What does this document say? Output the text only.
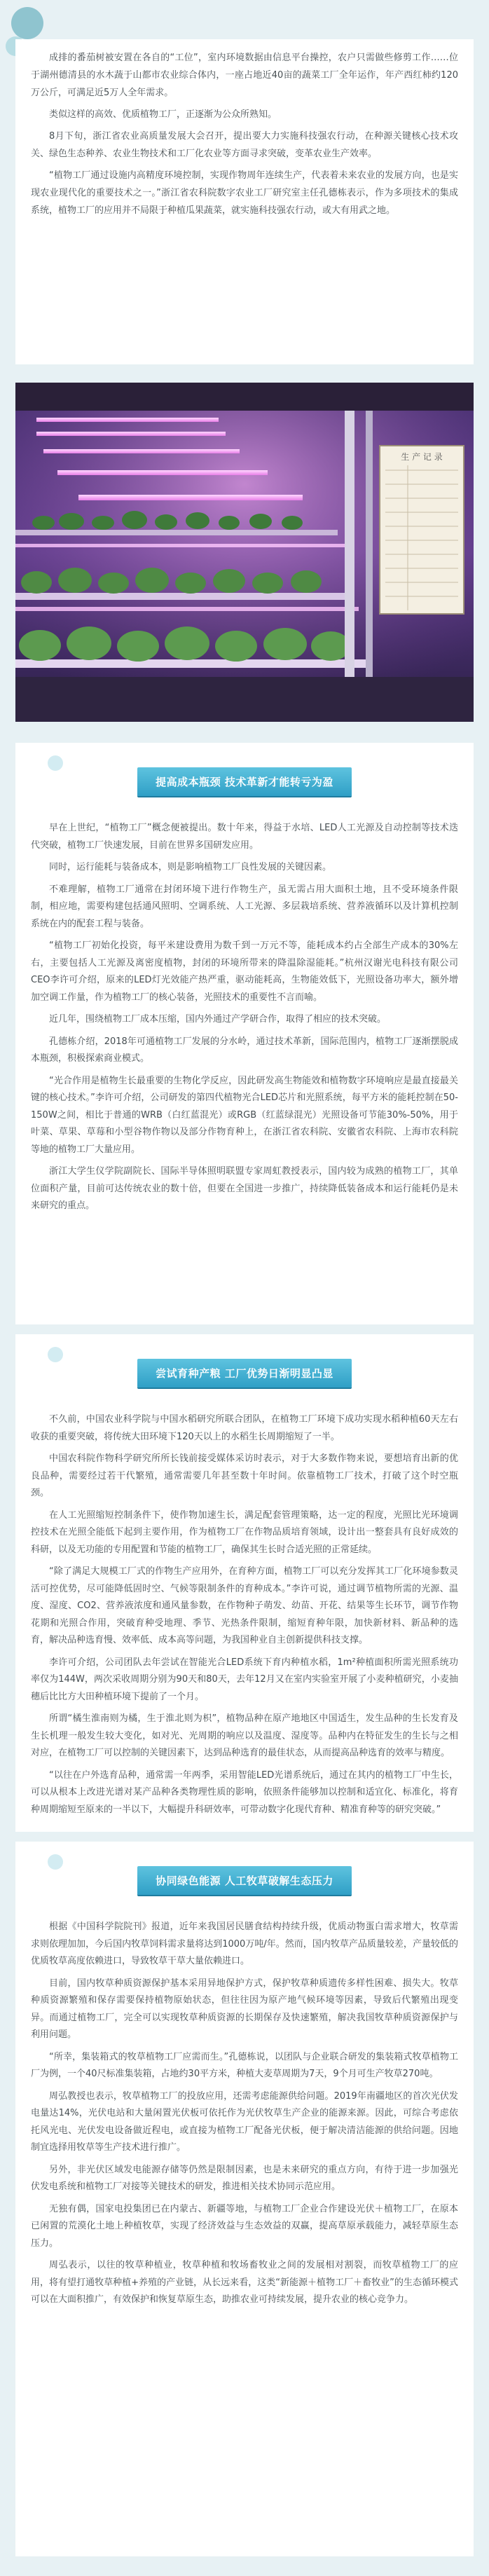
成排的番茄树被安置在各自的“工位”，室内环境数据由信息平台操控，农户只需做些修剪工作……位于湖州德清县的水木蔬于山都市农业综合体内，一座占地近40亩的蔬菜工厂全年运作，年产西红柿约120万公斤，可满足近5万人全年需求。

类似这样的高效、优质植物工厂，正逐渐为公众所熟知。

8月下旬，浙江省农业高质量发展大会召开，提出要大力实施科技强农行动，在种源关键核心技术攻关、绿色生态种养、农业生物技术和工厂化农业等方面寻求突破，变革农业生产效率。

“植物工厂通过设施内高精度环境控制，实现作物周年连续生产，代表着未来农业的发展方向，也是实现农业现代化的重要技术之一。”浙江省农科院数字农业工厂研究室主任孔德栋表示，作为多项技术的集成系统，植物工厂的应用并不局限于种植瓜果蔬菜，就实施科技强农行动，或大有用武之地。

生 产 记 录
提高成本瓶颈 技术革新才能转亏为盈

早在上世纪，“植物工厂”概念便被提出。数十年来，得益于水培、LED人工光源及自动控制等技术迭代突破，植物工厂快速发展，目前在世界多国研发应用。

同时，运行能耗与装备成本，则是影响植物工厂良性发展的关键因素。

不难理解，植物工厂通常在封闭环境下进行作物生产，虽无需占用大面积土地，且不受环境条件限制，相应地，需要构建包括通风照明、空调系统、人工光源、多层栽培系统、营养液循环以及计算机控制系统在内的配套工程与装备。

“植物工厂初始化投资，每平米建设费用为数千到一万元不等，能耗成本约占全部生产成本的30%左右，主要包括人工光源及离密度植物，封闭的环境所带来的降温除湿能耗。”杭州汉谢光电科技有限公司CEO李许可介绍，原来的LED灯光效能产热严重，驱动能耗高，生物能效低下，光照设备功率大，额外增加空调工作量，作为植物工厂的核心装备，光照技术的重要性不言而喻。

近几年，围绕植物工厂成本压缩，国内外通过产学研合作，取得了相应的技术突破。

孔德栋介绍，2018年可通植物工厂发展的分水岭，通过技术革新，国际范围内，植物工厂逐渐摆脱成本瓶颈，积极探索商业模式。

“光合作用是植物生长最重要的生物化学反应，因此研发高生物能效和植物数字环境响应是最直接最关键的核心技术。”李许可介绍，公司研发的第四代植物光合LED芯片和光照系统，每平方米的能耗控制在50-150W之间，相比于普通的WRB（白红蓝混光）或RGB（红蓝绿混光）光照设备可节能30%-50%，用于叶菜、草果、草莓和小型谷物作物以及部分作物育种上，在浙江省农科院、安徽省农科院、上海市农科院等地的植物工厂大量应用。

浙江大学生仪学院副院长、国际半导体照明联盟专家周虹教授表示，国内较为成熟的植物工厂，其单位面积产量，目前可达传统农业的数十倍，但要在全国进一步推广，持续降低装备成本和运行能耗仍是未来研究的重点。

尝试育种产粮 工厂优势日渐明显凸显

不久前，中国农业科学院与中国水稻研究所联合团队，在植物工厂环境下成功实现水稻种植60天左右收获的重要突破，将传统大田环境下120天以上的水稻生长周期缩短了一半。

中国农科院作物科学研究所所长钱前接受媒体采访时表示，对于大多数作物来说，要想培育出新的优良品种，需要经过若干代繁殖，通常需要几年甚至数十年时间。依靠植物工厂技术，打破了这个时空瓶颈。

在人工光照缩短控制条件下，使作物加速生长，满足配套管理策略，达一定的程度，光照比光环境调控技术在光照全能低下起到主要作用，作为植物工厂在作物品质培育领域，设计出一整套具有良好成效的科研，以及无功能的专用配置和节能的植物工厂，确保其生长时合适光照的正常延续。

“除了满足大规模工厂式的作物生产应用外，在育种方面，植物工厂可以充分发挥其工厂化环境参数灵活可控优势，尽可能降低固时空、气候等限制条件的育种成本。”李许可说，通过调节植物所需的光源、温度、湿度、CO2、营养液浓度和通风量参数，在作物种子萌发、幼苗、开花、结果等生长环节，调节作物花期和光照合作用，突破育种受地理、季节、光热条件限制，缩短育种年限，加快新材料、新品种的选育，解决品种选育慢、效率低、成本高等问题，为我国种业自主创新提供科技支撑。

李许可介绍，公司团队去年尝试在智能光合LED系统下育内种植水稻，1m²种植面积所需光照系统功率仅为144W，两次采收周期分别为90天和80天，去年12月又在室内实验室开展了小麦种植研究，小麦抽穗后比比方大田种植环境下提前了一个月。

所谓“橘生淮南则为橘，生于淮北则为枳”，植物品种在原产地地区中国适生，发生品种的生长发育及生长机理一般发生较大变化，如对光、光周期的响应以及温度、湿度等。品种内在特征发生的生长与之相对应，在植物工厂可以控制的关键因素下，达到品种选育的最佳状态，从而提高品种选育的效率与精度。

“以往在户外选育品种，通常需一年两季，采用智能LED光谱系统后，通过在其内的植物工厂中生长，可以从根本上改进光谱对某产品种各类物理性质的影响，依照条件能够加以控制和适宜化、标准化，将育种周期缩短至原来的一半以下，大幅提升科研效率，可带动数字化现代育种、精准育种等的研究突破。”

协同绿色能源 人工牧草破解生态压力

根据《中国科学院院刊》报道，近年来我国居民膳食结构持续升级，优质动物蛋白需求增大，牧草需求则依理加加，今后国内牧草饲料需求量将达到1000万吨/年。然而，国内牧草产品质量较差，产量较低的优质牧草高度依赖进口，导致牧草干草大量依赖进口。

目前，国内牧草种质资源保护基本采用异地保护方式，保护牧草种质遗传多样性困难、损失大。牧草种质资源繁殖和保存需要保持植物原始状态，但往往因为原产地气候环境等因素，导致后代繁殖出现变异。而通过植物工厂，完全可以实现牧草种质资源的长期保存及快速繁殖，解决我国牧草种质资源保护与利用问题。

“所幸，集装箱式的牧草植物工厂应需而生。”孔德栋说，以团队与企业联合研发的集装箱式牧草植物工厂为例，一个40尺标准集装箱，占地约30平方米，种植大麦草周期为7天，9个月可生产牧草270吨。

周弘教授也表示，牧草植物工厂的投放应用，还需考虑能源供给问题。2019年南疆地区的首次光伏发电量达14%，光伏电站和大量闲置光伏板可依托作为光伏牧草生产企业的能源来源。因此，可综合考虑依托风光电、光伏发电设备做近程电，或直接为植物工厂配备光伏板，便于解决清洁能源的供给问题。因地制宜选择用牧草等生产技术进行推广。

另外，非光伏区域发电能源存储等仍然是限制因素，也是未来研究的重点方向，有待于进一步加强光伏发电系统和植物工厂对接等关键技术的研发，推进相关技术协同示范应用。

无独有偶，国家电投集团已在内蒙古、新疆等地，与植物工厂企业合作建设光伏＋植物工厂，在原本已闲置的荒漠化土地上种植牧草，实现了经济效益与生态效益的双赢，提高草原承载能力，减轻草原生态压力。

周弘表示，以往的牧草种植业，牧草种植和牧场畜牧业之间的发展相对割裂，而牧草植物工厂的应用，将有望打通牧草种植+养殖的产业链，从长远来看，这类“新能源＋植物工厂＋畜牧业”的生态循环模式可以在大面积推广，有效保护和恢复草原生态，助推农业可持续发展，提升农业的核心竞争力。
